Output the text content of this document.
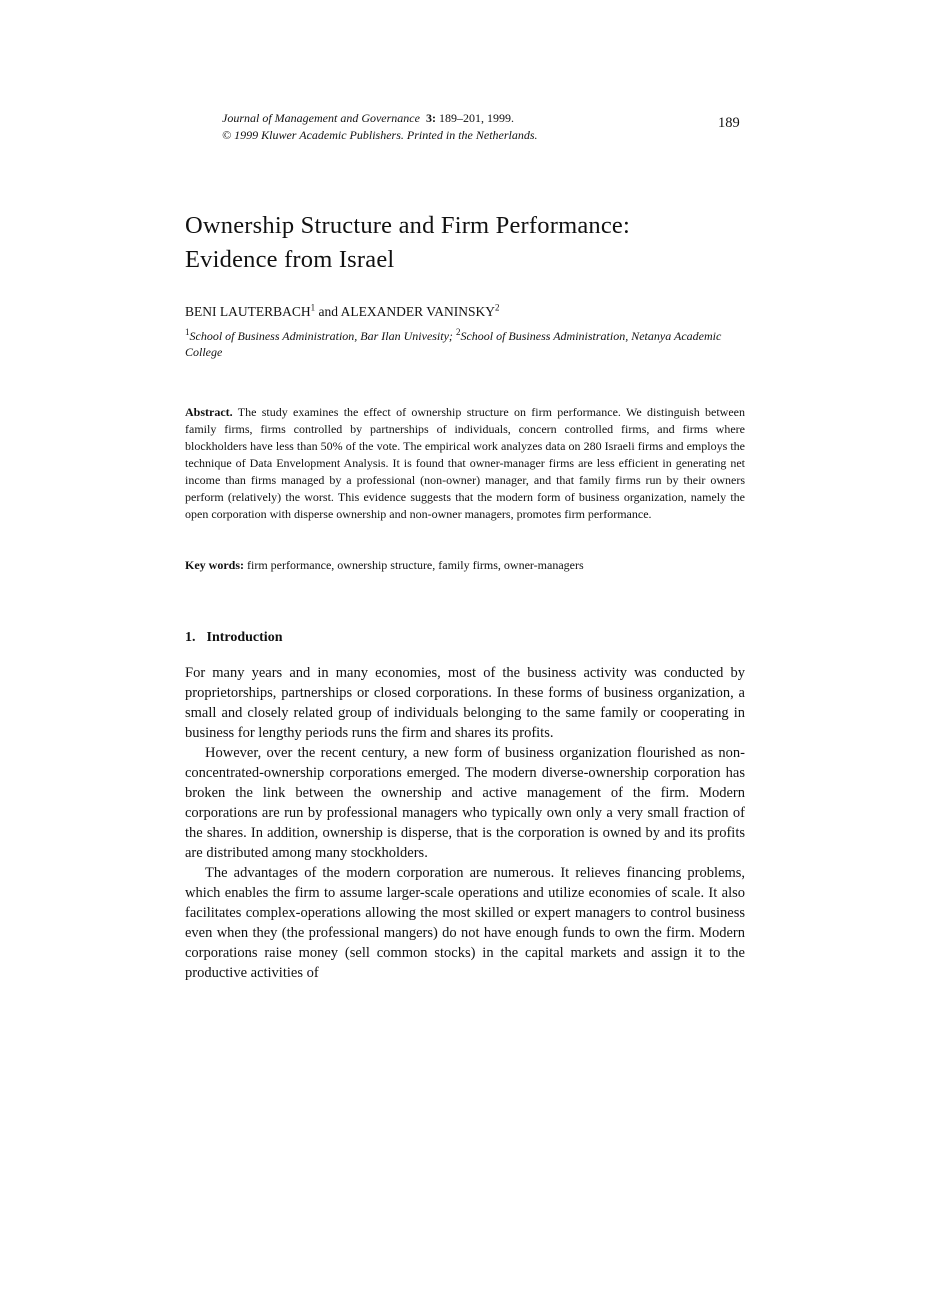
Journal of Management and Governance 3: 189–201, 1999.
© 1999 Kluwer Academic Publishers. Printed in the Netherlands.
189
Ownership Structure and Firm Performance:
Evidence from Israel
BENI LAUTERBACH$^1$ and ALEXANDER VANINSKY$^2$
$^1$School of Business Administration, Bar Ilan Univesity; $^2$School of Business Administration, Netanya Academic College
Abstract. The study examines the effect of ownership structure on firm performance. We distinguish between family firms, firms controlled by partnerships of individuals, concern controlled firms, and firms where blockholders have less than 50% of the vote. The empirical work analyzes data on 280 Israeli firms and employs the technique of Data Envelopment Analysis. It is found that owner-manager firms are less efficient in generating net income than firms managed by a professional (non-owner) manager, and that family firms run by their owners perform (relatively) the worst. This evidence suggests that the modern form of business organization, namely the open corporation with disperse ownership and non-owner managers, promotes firm performance.
Key words: firm performance, ownership structure, family firms, owner-managers
1. Introduction

For many years and in many economies, most of the business activity was conducted by proprietorships, partnerships or closed corporations. In these forms of business organization, a small and closely related group of individuals belonging to the same family or cooperating in business for lengthy periods runs the firm and shares its profits.

However, over the recent century, a new form of business organization flourished as non-concentrated-ownership corporations emerged. The modern diverse-ownership corporation has broken the link between the ownership and active management of the firm. Modern corporations are run by professional managers who typically own only a very small fraction of the shares. In addition, ownership is disperse, that is the corporation is owned by and its profits are distributed among many stockholders.

The advantages of the modern corporation are numerous. It relieves financing problems, which enables the firm to assume larger-scale operations and utilize economies of scale. It also facilitates complex-operations allowing the most skilled or expert managers to control business even when they (the professional mangers) do not have enough funds to own the firm. Modern corporations raise money (sell common stocks) in the capital markets and assign it to the productive activities of
